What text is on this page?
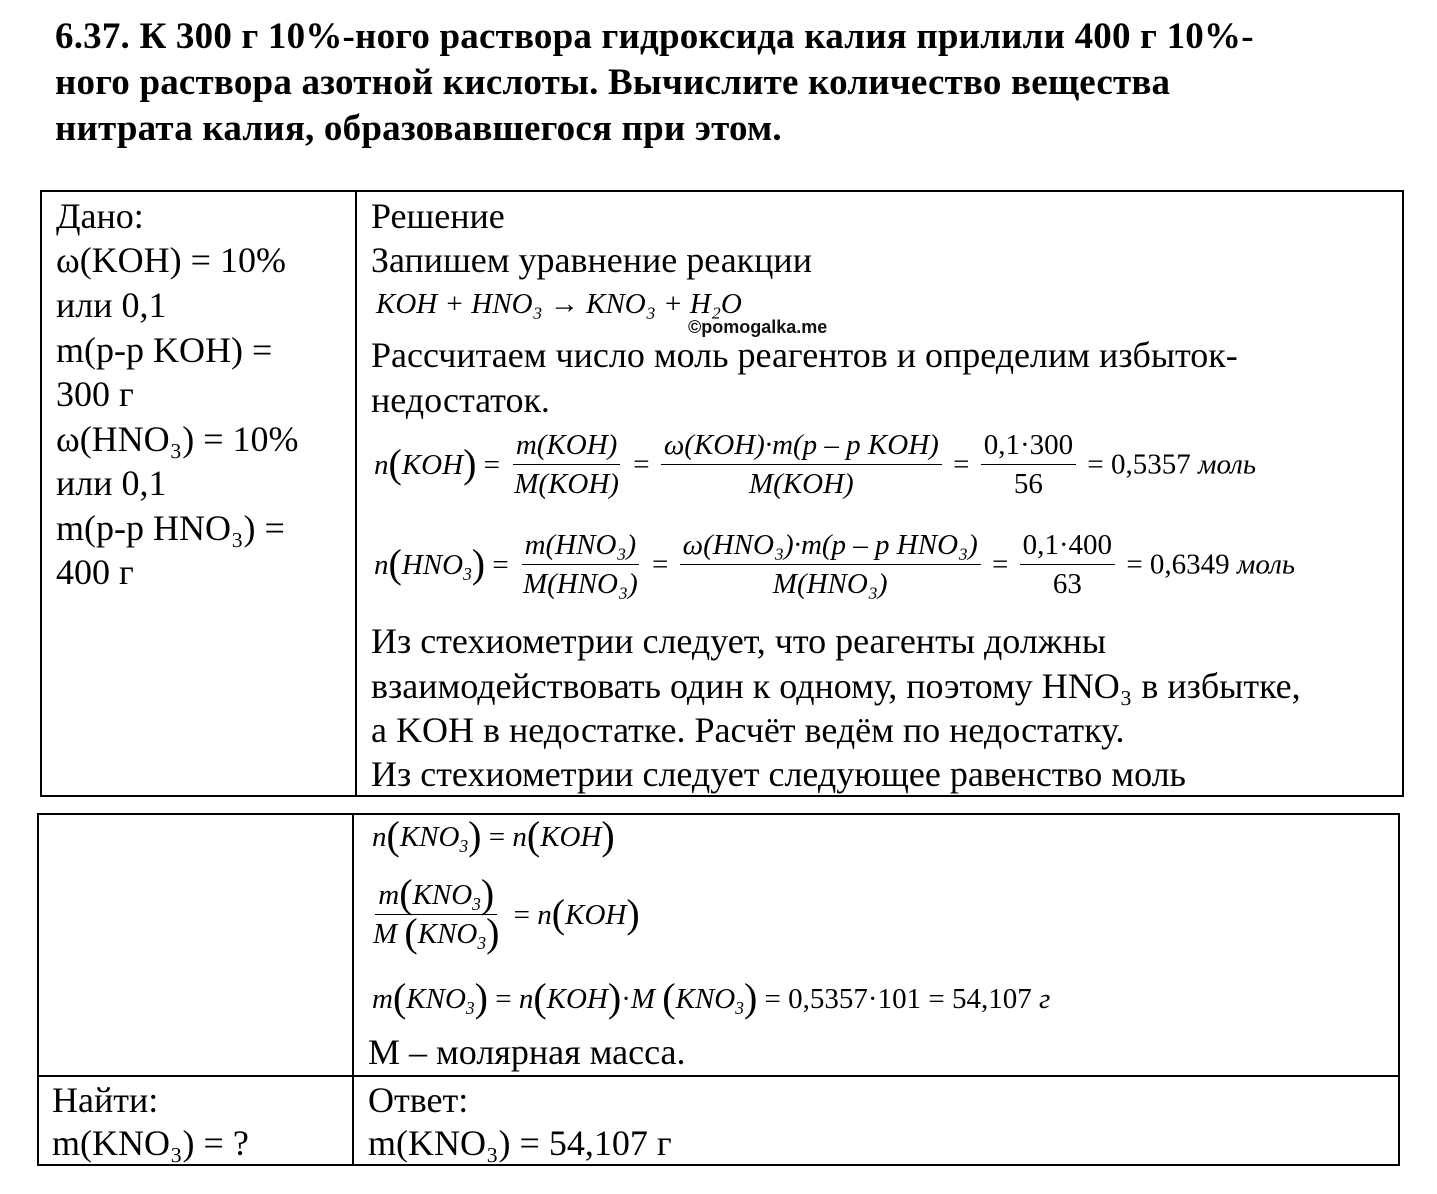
6.37. К 300 г 10%-ного раствора гидроксида калия прилили 400 г 10%-
ного раствора азотной кислоты. Вычислите количество вещества
нитрата калия, образовавшегося при этом.
Дано:
ω(KOH) = 10%
или 0,1
m(р-р KOH) =
300 г
ω(HNO₃) = 10%
или 0,1
m(р-р HNO₃) =
400 г
Решение
Запишем уравнение реакции
KOH + HNO₃ → KNO₃ + H₂O
©pomogalka.me
Рассчитаем число моль реагентов и определим избыток-
недостаток.
$n(KOH) = \frac{\text{m(KOH)}}{\text{M(KOH)}} = \frac{\text{ω(KOH)·m(p – p KOH)}}{\text{M(KOH)}} = \frac{0,1\cdot 300}{56} = 0,5357$ моль
$n(HNO_3) = \frac{\text{m(HNO₃)}}{\text{M(HNO₃)}} = \frac{\text{ω(HNO₃)·m(p – p HNO₃)}}{\text{M(HNO₃)}} = \frac{0,1\cdot 400}{63} = 0,6349$ моль
Из стехиометрии следует, что реагенты должны
взаимодействовать один к одному, поэтому HNO₃ в избытке,
а KOH в недостатке. Расчёт ведём по недостатку.
Из стехиометрии следует следующее равенство моль
$n(KNO_3) = n(KOH)$
$\frac{m(KNO_3)}{M (KNO_3)} = n(KOH)$
$m(KNO_3) = n(KOH)\cdot M$ $(KNO_3) = 0,5357\cdot 101 = 54,107$ г
M – молярная масса.
Найти:
m(KNO₃) = ?
Ответ:
m(KNO₃) = 54,107 г
